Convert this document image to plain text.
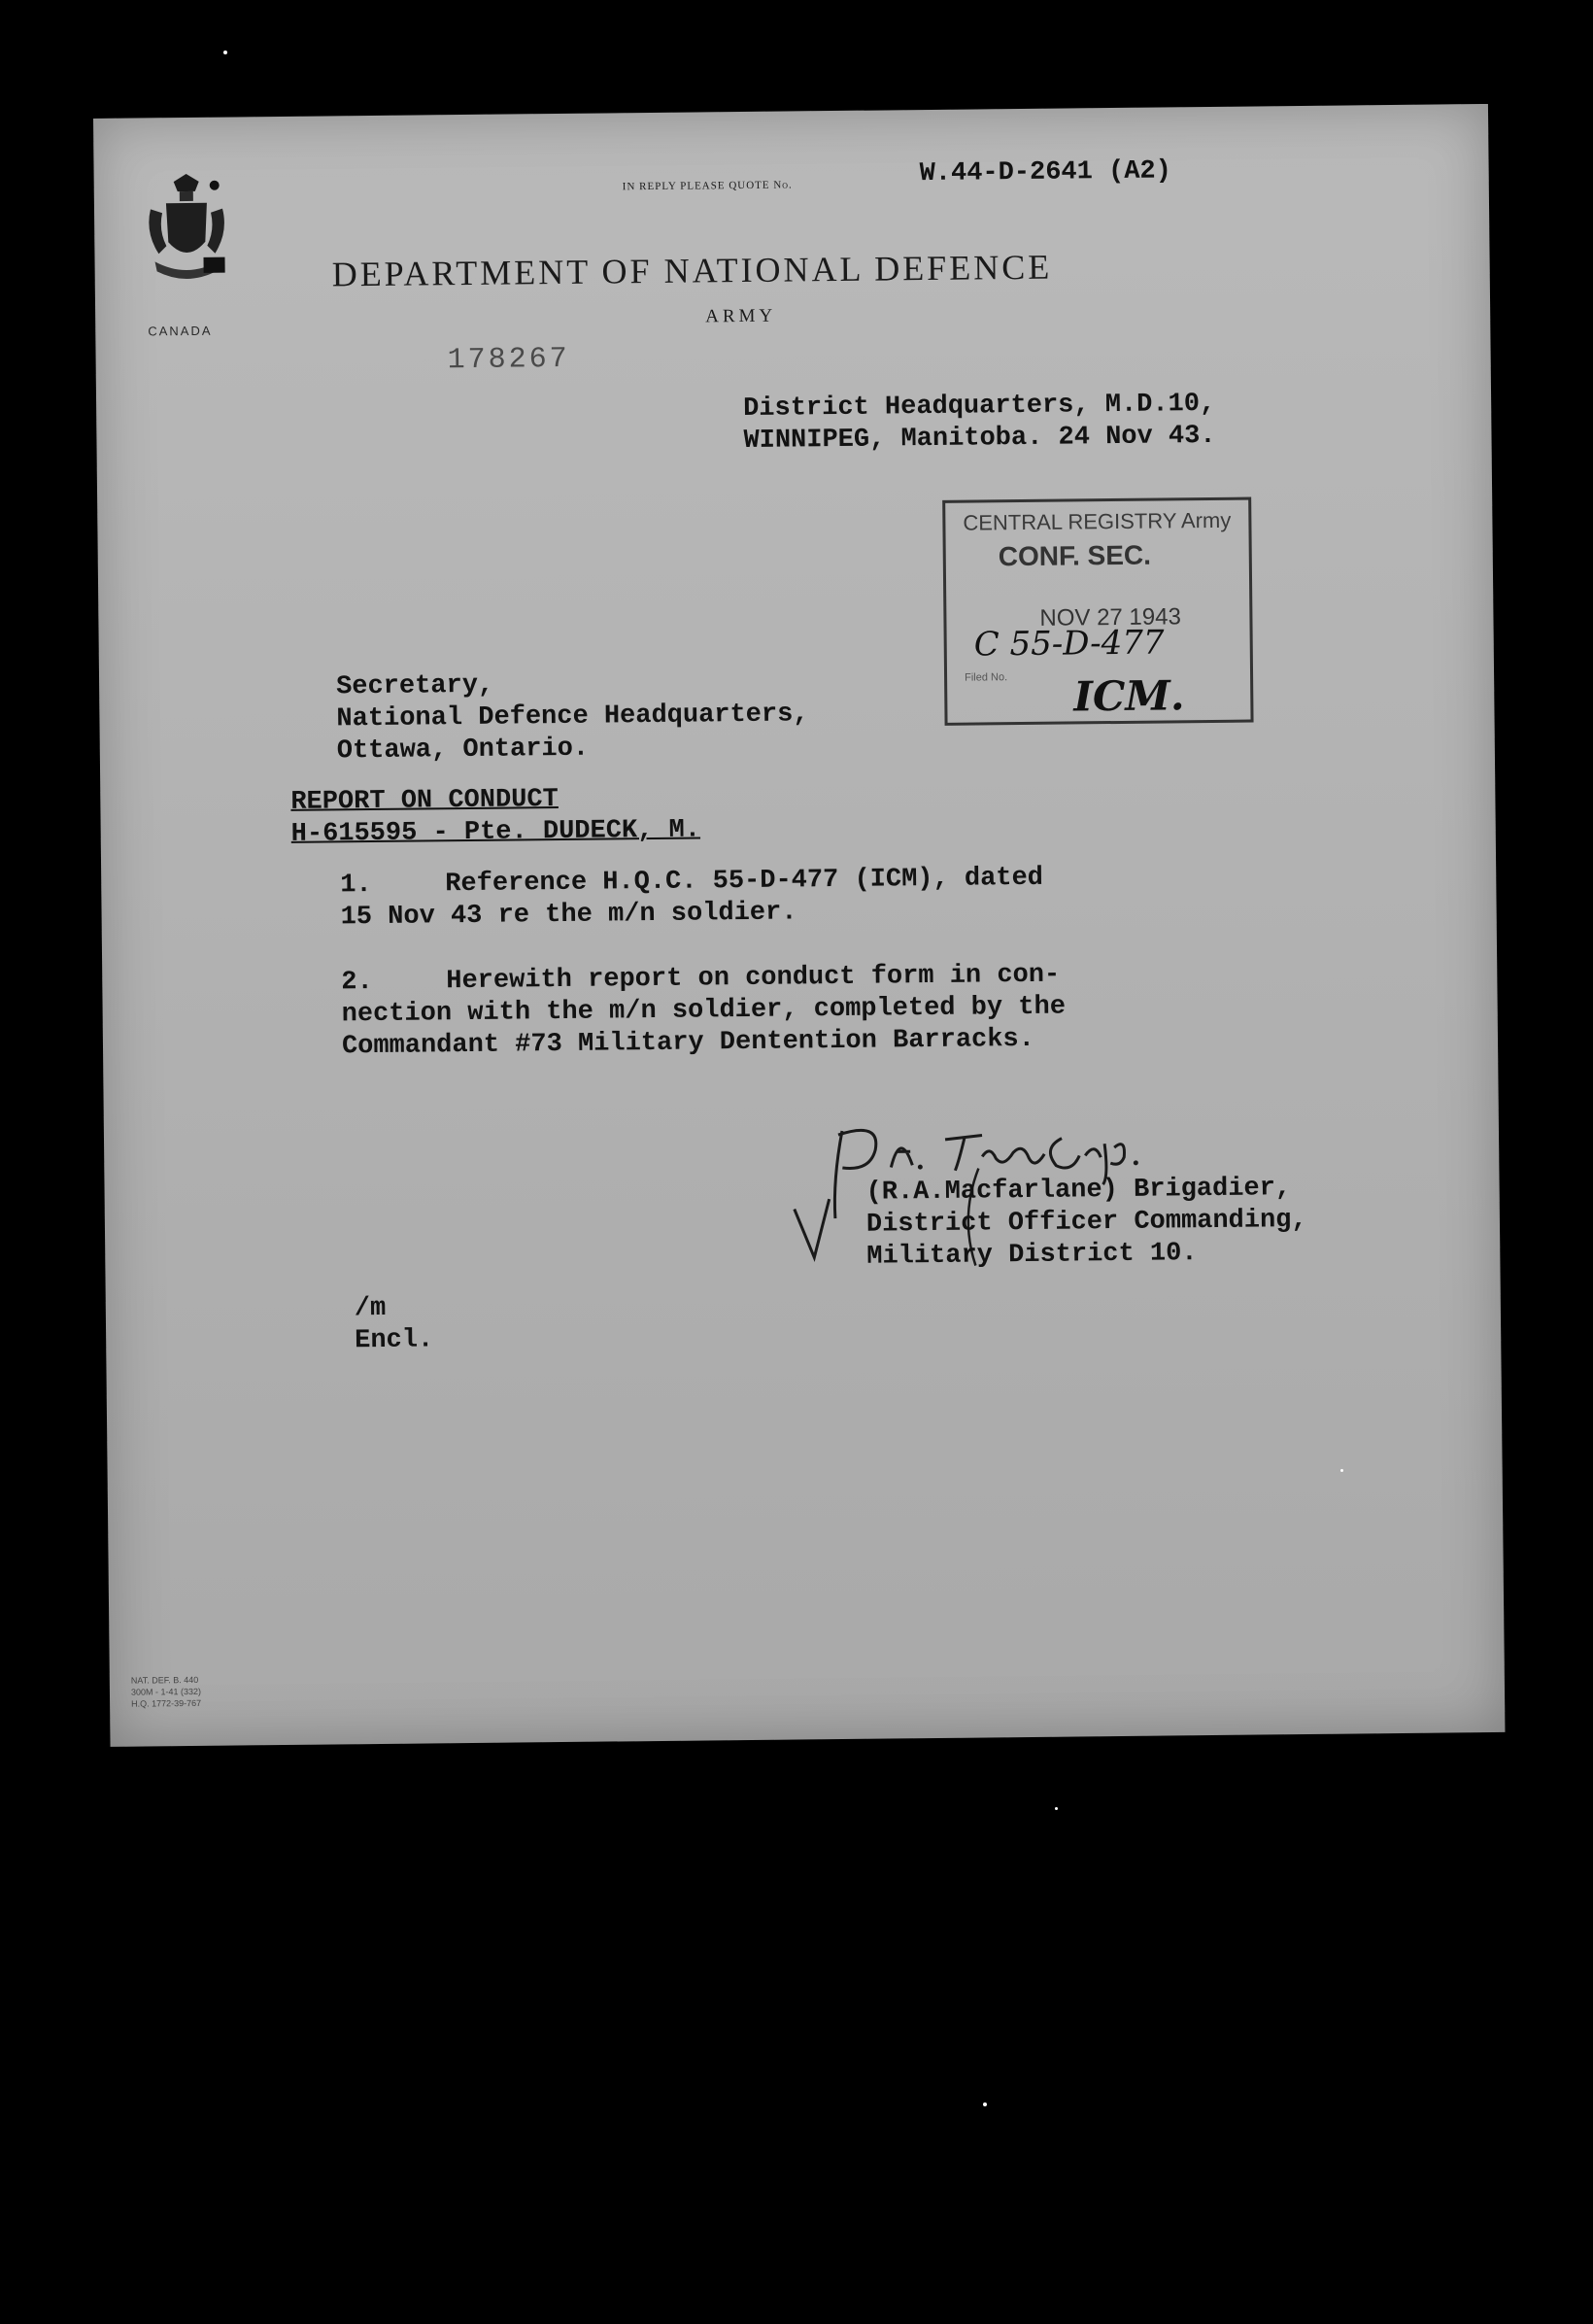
CANADA
IN REPLY PLEASE QUOTE No.	W.44-D-2641 (A2)
DEPARTMENT OF NATIONAL DEFENCE
ARMY
178267
District Headquarters, M.D.10,
WINNIPEG, Manitoba. 24 Nov 43.
CENTRAL REGISTRY Army
CONF. SEC.
NOV 27 1943
C 55-D-477
Filed No. ICM.
Secretary,
National Defence Headquarters,
Ottawa, Ontario.
REPORT ON CONDUCT
H-615595 - Pte. DUDECK, M.
1.	Reference H.Q.C. 55-D-477 (ICM), dated
15 Nov 43 re the m/n soldier.
2.	Herewith report on conduct form in con-
nection with the m/n soldier, completed by the
Commandant #73 Military Dentention Barracks.
(R.A.Macfarlane) Brigadier,
District Officer Commanding,
Military District 10.
/m
Encl.
NAT. DEF. B. 440
300M - 1-41 (332)
H.Q. 1772-39-767
